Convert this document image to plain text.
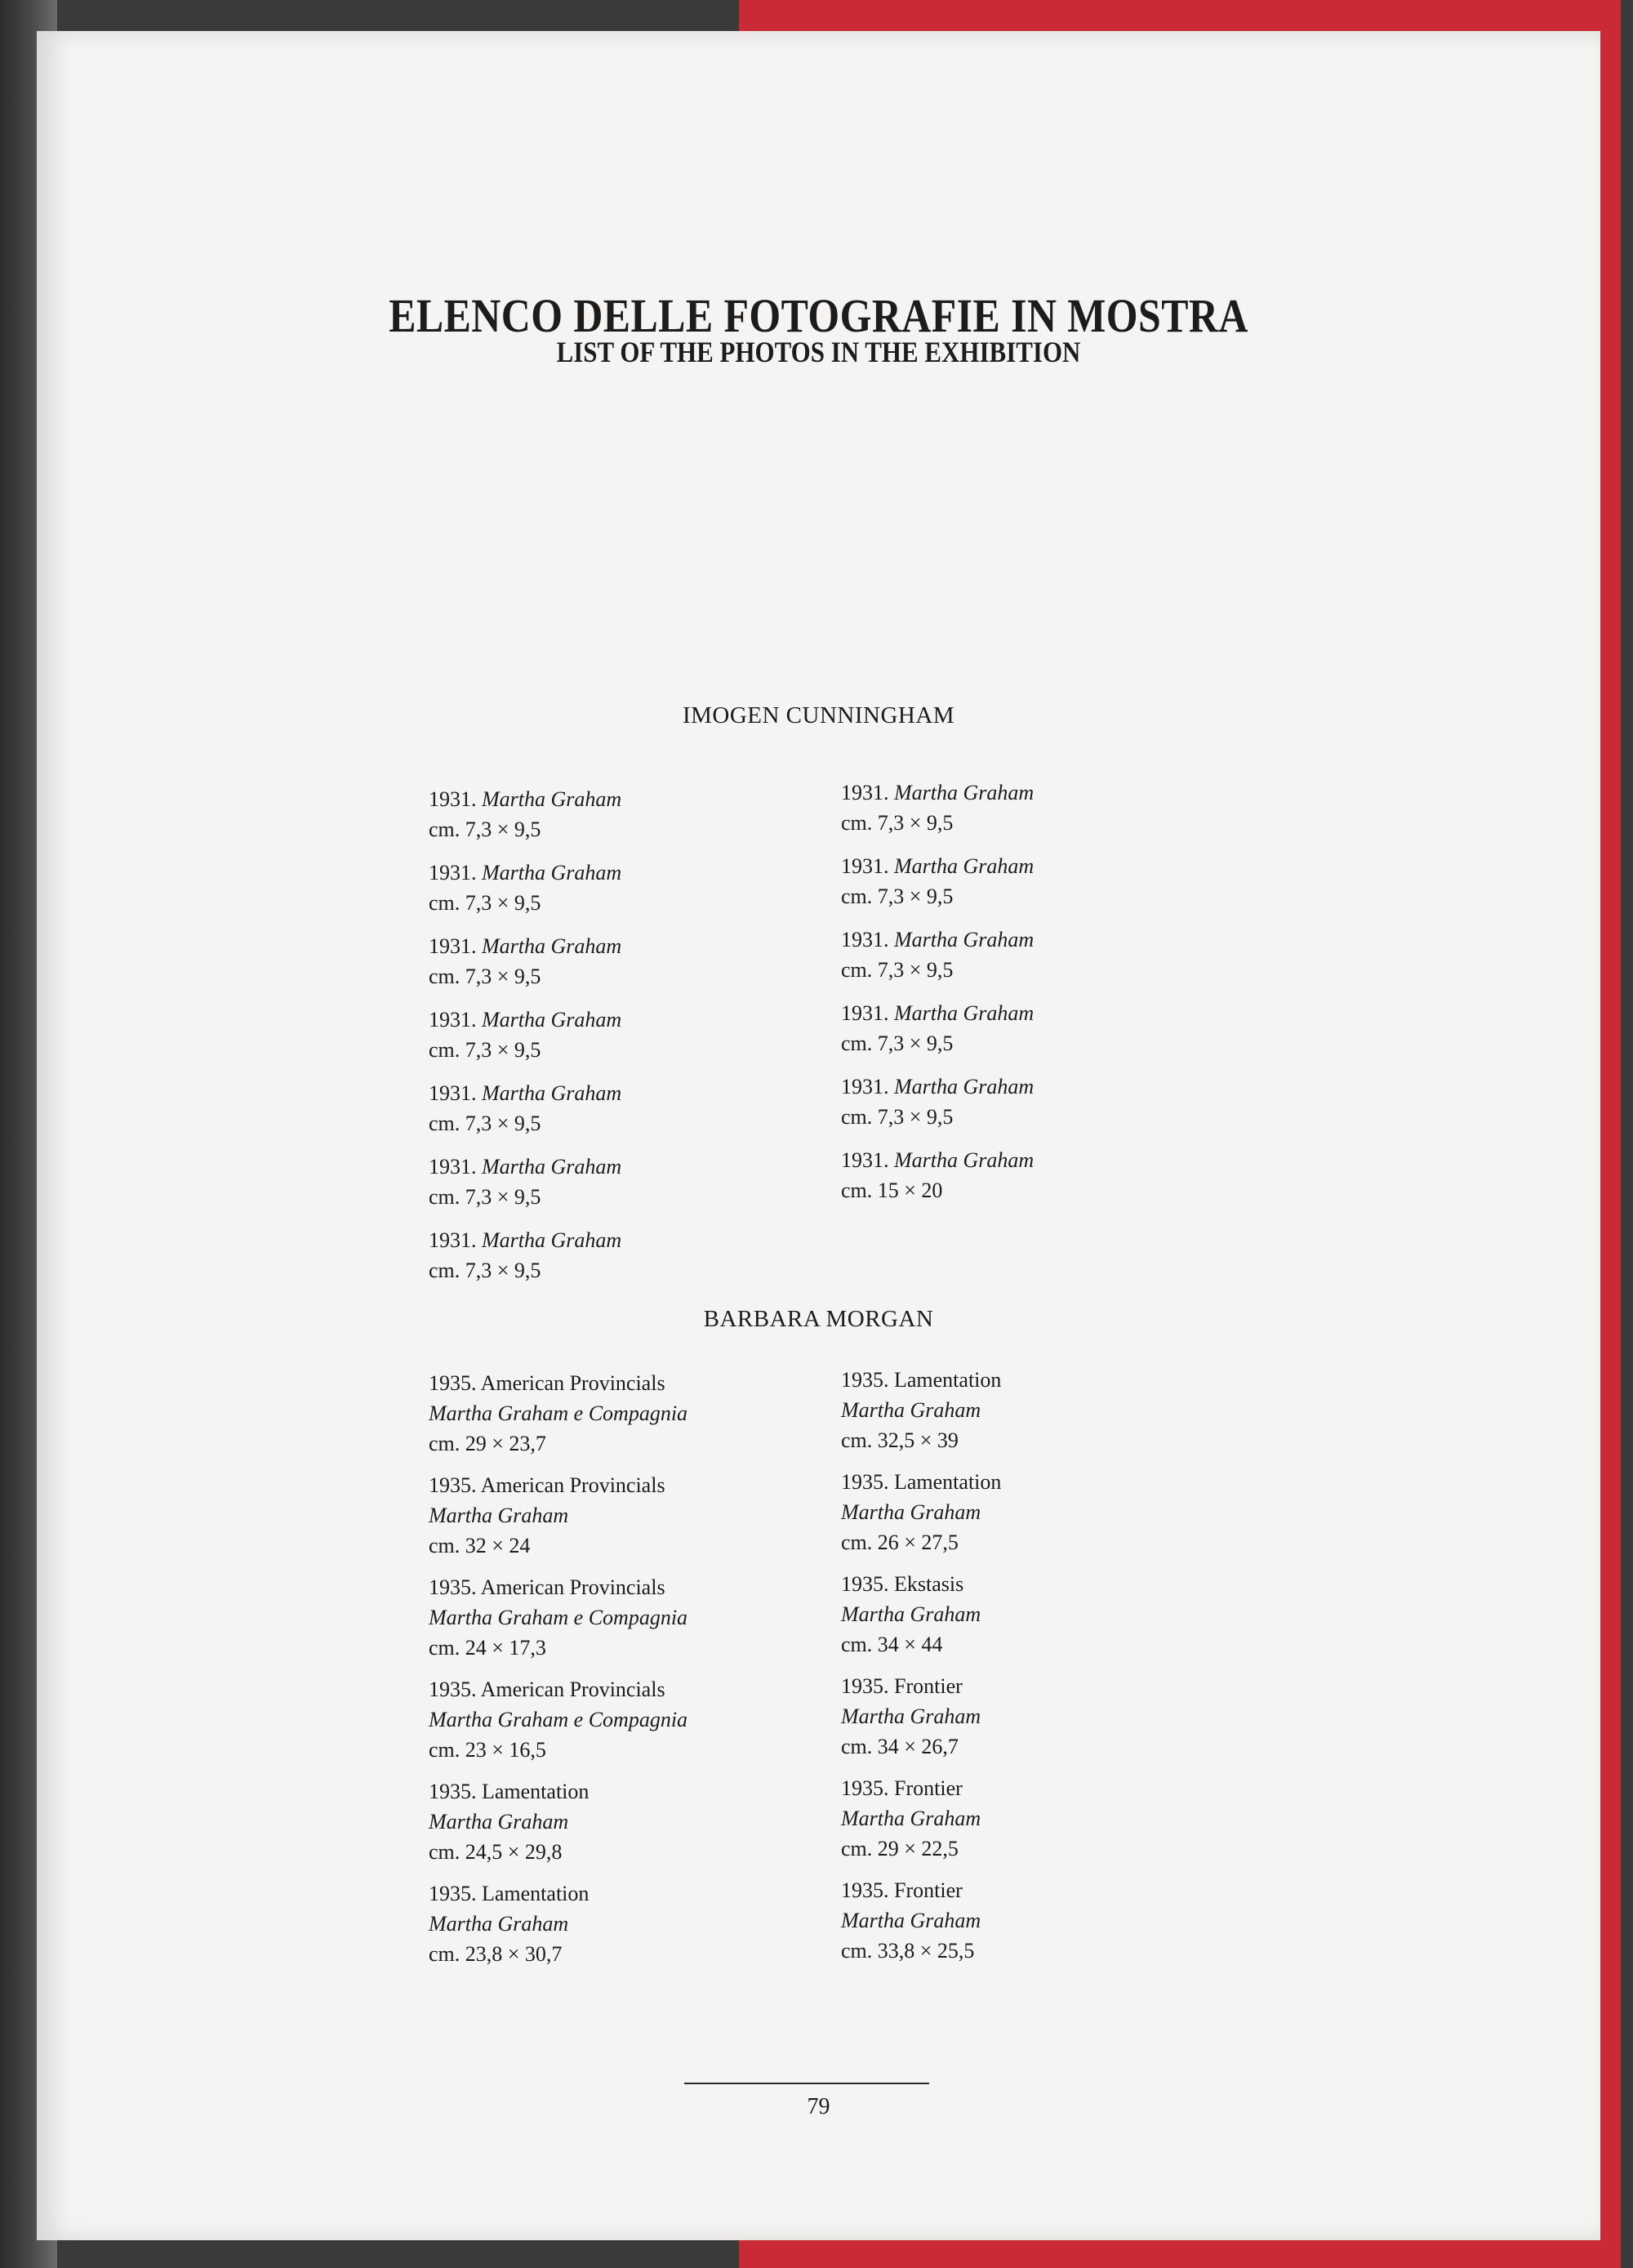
ELENCO DELLE FOTOGRAFIE IN MOSTRA
LIST OF THE PHOTOS IN THE EXHIBITION
IMOGEN CUNNINGHAM
1931. Martha Graham
cm. 7,3 × 9,5
1931. Martha Graham
cm. 7,3 × 9,5
1931. Martha Graham
cm. 7,3 × 9,5
1931. Martha Graham
cm. 7,3 × 9,5
1931. Martha Graham
cm. 7,3 × 9,5
1931. Martha Graham
cm. 7,3 × 9,5
1931. Martha Graham
cm. 7,3 × 9,5
1931. Martha Graham
cm. 7,3 × 9,5
1931. Martha Graham
cm. 7,3 × 9,5
1931. Martha Graham
cm. 7,3 × 9,5
1931. Martha Graham
cm. 7,3 × 9,5
1931. Martha Graham
cm. 7,3 × 9,5
1931. Martha Graham
cm. 15 × 20
BARBARA MORGAN
1935. American Provincials
Martha Graham e Compagnia
cm. 29 × 23,7
1935. American Provincials
Martha Graham
cm. 32 × 24
1935. American Provincials
Martha Graham e Compagnia
cm. 24 × 17,3
1935. American Provincials
Martha Graham e Compagnia
cm. 23 × 16,5
1935. Lamentation
Martha Graham
cm. 24,5 × 29,8
1935. Lamentation
Martha Graham
cm. 23,8 × 30,7
1935. Lamentation
Martha Graham
cm. 32,5 × 39
1935. Lamentation
Martha Graham
cm. 26 × 27,5
1935. Ekstasis
Martha Graham
cm. 34 × 44
1935. Frontier
Martha Graham
cm. 34 × 26,7
1935. Frontier
Martha Graham
cm. 29 × 22,5
1935. Frontier
Martha Graham
cm. 33,8 × 25,5
79
